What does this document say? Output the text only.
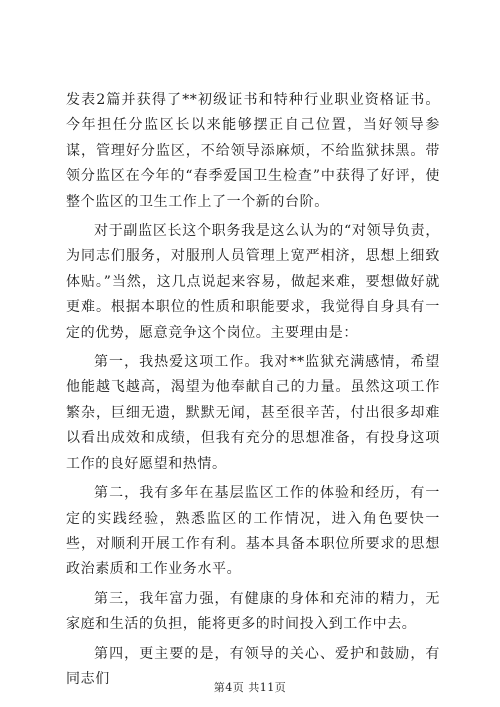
发表2篇并获得了**初级证书和特种行业职业资格证书。今年担任分监区长以来能够摆正自己位置，当好领导参谋，管理好分监区，不给领导添麻烦，不给监狱抹黑。带领分监区在今年的“春季爱国卫生检查”中获得了好评，使整个监区的卫生工作上了一个新的台阶。

对于副监区长这个职务我是这么认为的“对领导负责，为同志们服务，对服刑人员管理上宽严相济，思想上细致体贴。”当然，这几点说起来容易，做起来难，要想做好就更难。根据本职位的性质和职能要求，我觉得自身具有一定的优势，愿意竞争这个岗位。主要理由是：

第一，我热爱这项工作。我对**监狱充满感情，希望他能越飞越高，渴望为他奉献自己的力量。虽然这项工作繁杂，巨细无遗，默默无闻，甚至很辛苦，付出很多却难以看出成效和成绩，但我有充分的思想准备，有投身这项工作的良好愿望和热情。

第二，我有多年在基层监区工作的体验和经历，有一定的实践经验，熟悉监区的工作情况，进入角色要快一些，对顺利开展工作有利。基本具备本职位所要求的思想政治素质和工作业务水平。

第三，我年富力强，有健康的身体和充沛的精力，无家庭和生活的负担，能将更多的时间投入到工作中去。

第四，更主要的是，有领导的关心、爱护和鼓励，有同志们

第4页 共11页
